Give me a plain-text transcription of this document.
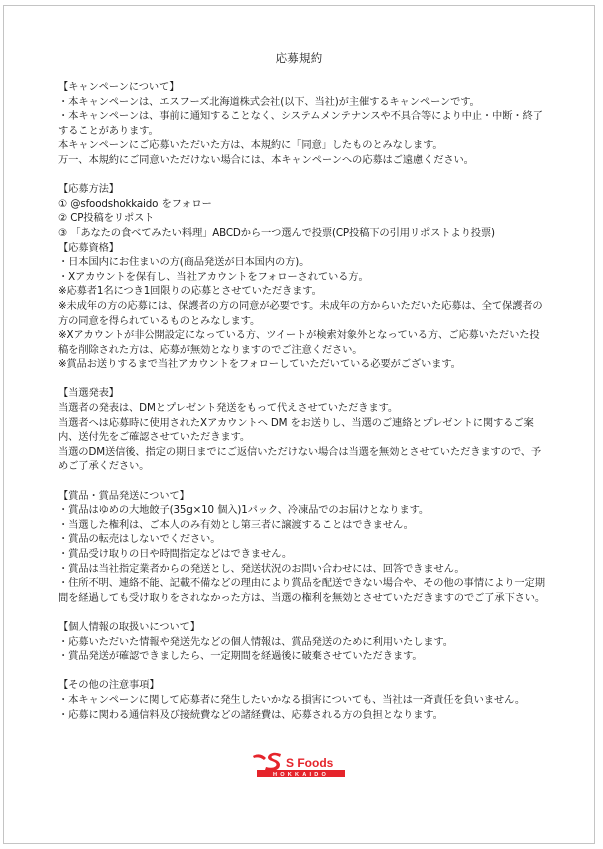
応募規約
【キャンペーンについて】
・本キャンペーンは、エスフーズ北海道株式会社(以下、当社)が主催するキャンペーンです。
・本キャンペーンは、事前に通知することなく、システムメンテナンスや不具合等により中止・中断・終了することがあります。
本キャンペーンにご応募いただいた方は、本規約に「同意」したものとみなします。
万一、本規約にご同意いただけない場合には、本キャンペーンへの応募はご遠慮ください。
【応募方法】
① @sfoodshokkaido をフォロー
② CP投稿をリポスト
③ 「あなたの食べてみたい料理」ABCDから一つ選んで投票(CP投稿下の引用リポストより投票)
【応募資格】
・日本国内にお住まいの方(商品発送が日本国内の方)。
・Xアカウントを保有し、当社アカウントをフォローされている方。
※応募者1名につき1回限りの応募とさせていただきます。
※未成年の方の応募には、保護者の方の同意が必要です。未成年の方からいただいた応募は、全て保護者の方の同意を得られているものとみなします。
※Xアカウントが非公開設定になっている方、ツイートが検索対象外となっている方、ご応募いただいた投稿を削除された方は、応募が無効となりますのでご注意ください。
※賞品お送りするまで当社アカウントをフォローしていただいている必要がございます。
【当選発表】
当選者の発表は、DMとプレゼント発送をもって代えさせていただきます。
当選者へは応募時に使用されたXアカウントへ DM をお送りし、当選のご連絡とプレゼントに関するご案内、送付先をご確認させていただきます。
当選のDM送信後、指定の期日までにご返信いただけない場合は当選を無効とさせていただきますので、予めご了承ください。
【賞品・賞品発送について】
・賞品はゆめの大地餃子(35g×10 個入)1パック、冷凍品でのお届けとなります。
・当選した権利は、ご本人のみ有効とし第三者に譲渡することはできません。
・賞品の転売はしないでください。
・賞品受け取りの日や時間指定などはできません。
・賞品は当社指定業者からの発送とし、発送状況のお問い合わせには、回答できません。
・住所不明、連絡不能、記載不備などの理由により賞品を配送できない場合や、その他の事情により一定期間を経過しても受け取りをされなかった方は、当選の権利を無効とさせていただきますのでご了承下さい。
【個人情報の取扱いについて】
・応募いただいた情報や発送先などの個人情報は、賞品発送のために利用いたします。
・賞品発送が確認できましたら、一定期間を経過後に破棄させていただきます。
【その他の注意事項】
・本キャンペーンに関して応募者に発生したいかなる損害についても、当社は一斉責任を負いません。
・応募に関わる通信料及び接続費などの諸経費は、応募される方の負担となります。
S Foods
HOKKAIDO
